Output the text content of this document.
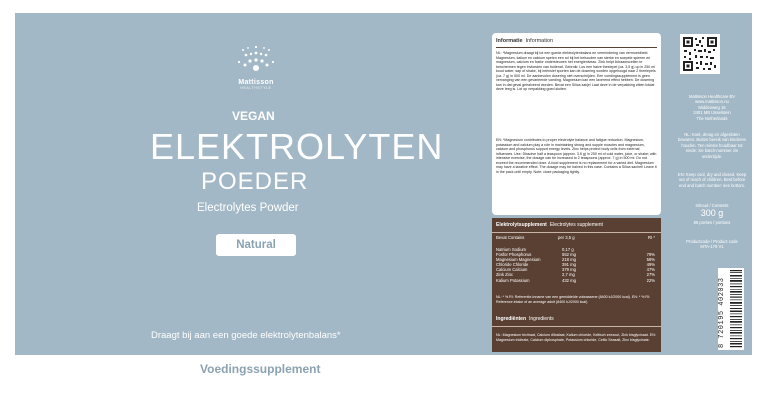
Mattisson
HEALTHSTYLE
VEGAN
ELEKTROLYTEN
POEDER
Electrolytes Powder
Natural
Draagt bij aan een goede elektrolytenbalans*
Voedingssupplement
Informatie Information
NL: *Magnesium draagt bij tot een goede elektrolytenbalans en vermindering van vermoeidheid. Magnesium, kalium en calcium spelen een rol bij het behouden van sterke en soepele spieren en magnesium, calcium en fosfor ondersteunen het energieniveau. Zink helpt lichaamscellen te beschermen tegen invloeden van buitenaf. Gebruik: Los een halve theelepel (ca. 3,5 g) op in 250 ml koud water, sap of shake, bij intensief sporten kan de dosering worden opgehoogd naar 2 theelepels (ca. 7 g) in 500 ml. De aanbevolen dosering niet overschrijden. Een voedingssupplement is geen vervanging van een gevarieerde voeding. Magnesium kan een laxerend effect hebben. De dosering kan in dat geval gehalveerd worden. Bevat een Silica zakje! Laat deze in de verpakking zitten totdat deze leeg is. Lot op verpakking goed sluiten.
EN: *Magnesium contributes to proper electrolyte balance and fatigue reduction. Magnesium, potassium and calcium play a role in maintaining strong and supple muscles and magnesium, calcium and phosphorus support energy levels. Zinc helps protect body cells from external influences. Use: Dissolve half a teaspoon (approx. 3.5 g) in 250 ml of cold water, juice, or shake; with intensive exercise, the dosage can be increased to 2 teaspoons (approx. 7 g) in 500 ml. Do not exceed the recommended dose. A food supplement is no replacement for a varied diet. Magnesium may have a laxative effect. The dosage may be halved in this case. Contains a Silica sachet! Leave it in the pack until empty. Note: close packaging tightly.
Elektrolytsupplement Electrolytes supplement
Bevat Contains	per 3,5 g	RI *
Natrium Sodium	0,17 g
Fosfor Phosphorus	552 mg	79%
Magnesium Magnesium	218 mg	58%
Chloride Chloride	391 mg	49%
Calcium Calcium	379 mg	47%
Zink Zinc	2,7 mg	27%
Kalium Potassium	432 mg	22%
NL: * % RI: Referentie-inname van een gemiddelde volwassene (8400 kJ/2000 kcal). EN: * % RI: Reference intake of an average adult (8400 kJ/2000 kcal).
Ingrediënten Ingredients
NL: Magnesium tricitraat, Calcium difosfaat, Kalium chloride, Keltisch zeezout, Zink bisglycinaat. EN: Magnesium tricitrate, Calcium diphosphate, Potassium chloride, Celtic Seasalt, Zinc bisglycinate.
Mattisson Healthcare BV
www.mattisson.nu
Middenweg 16
3401 MB IJsselstein
The Netherlands
NL: Koel, droog en afgesloten bewaren. Buiten bereik van kinderen houden. Ten minste houdbaar tot einde: zie batch-nummer zie onderzijde.
EN: Keep cool, dry and closed. Keep out of reach of children. Best before end and batch number: see bottom.
Inhoud / Contents
300 g
85 porties / portions
Productcode / Product code
MTA-179 V1
8 720195 402033
